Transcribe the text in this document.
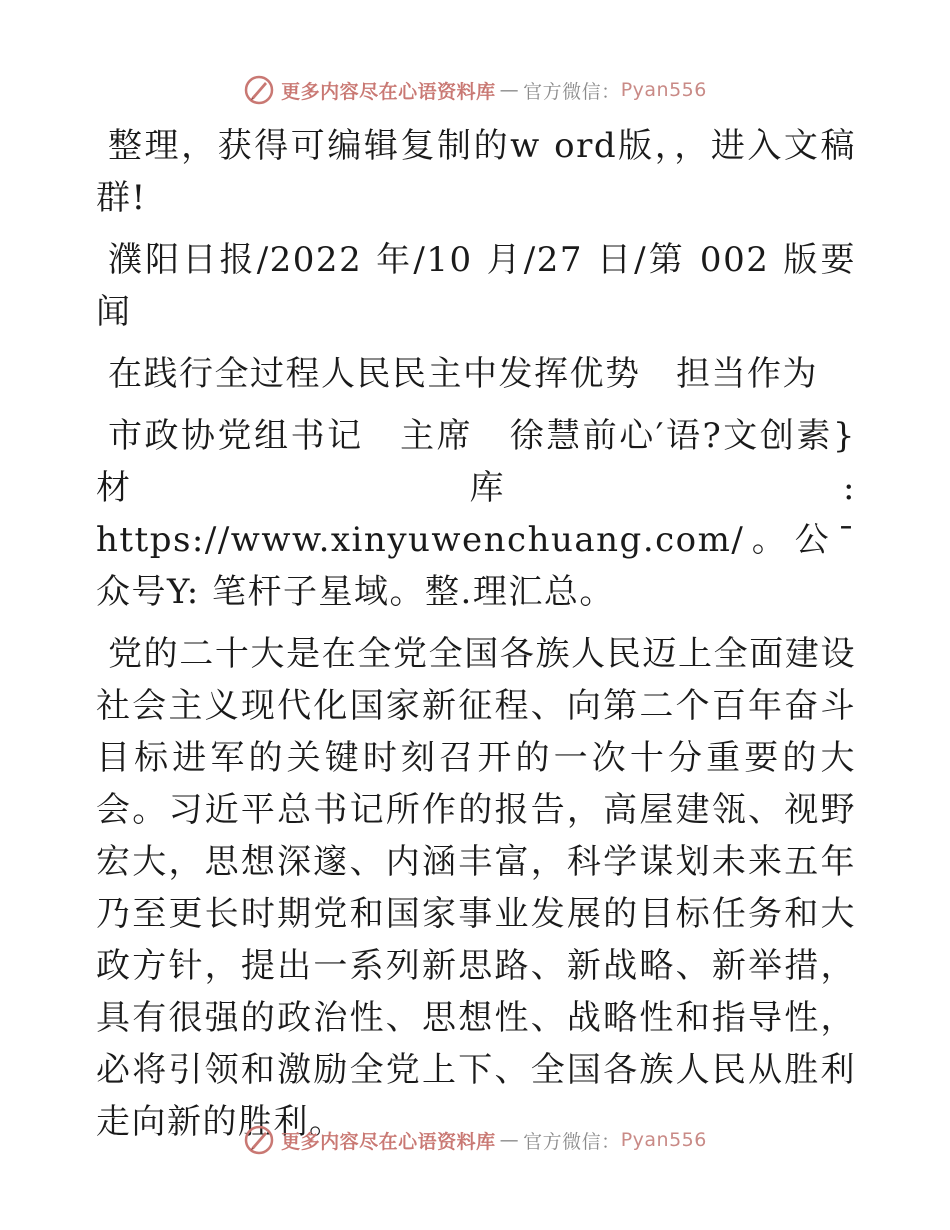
更多内容尽在心语资料库 — 官方微信： Pyan556

整理，获得可编辑复制的w ord版，，进入文稿群!

濮阳日报/2022 年/10 月/27 日/第 002 版要闻

在践行全过程人民民主中发挥优势　担当作为

市政协党组书记　主席　徐慧前心′语?文创素}材库: https://www.xinyuwenchuang.com/。公¯众号Y: 笔杆子星域。整.理汇总。

党的二十大是在全党全国各族人民迈上全面建设社会主义现代化国家新征程、向第二个百年奋斗目标进军的关键时刻召开的一次十分重要的大会。习近平总书记所作的报告，高屋建瓴、视野宏大，思想深邃、内涵丰富，科学谋划未来五年乃至更长时期党和国家事业发展的目标任务和大政方针，提出一系列新思路、新战略、新举措，具有很强的政治性、思想性、战略性和指导性，必将引领和激励全党上下、全国各族人民从胜利走向新的胜利。

更多内容尽在心语资料库 — 官方微信： Pyan556
